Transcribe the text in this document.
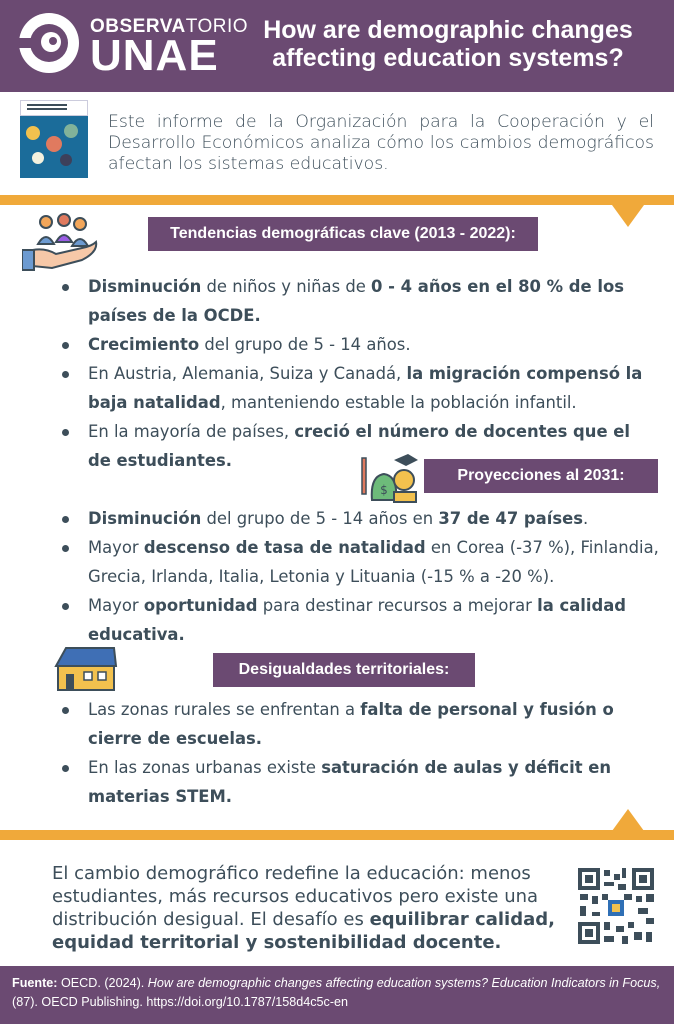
OBSERVATORIO
UNAE
How are demographic changes
affecting education systems?
Este informe de la Organización para la Cooperación y el Desarrollo Económicos analiza cómo los cambios demográficos afectan los sistemas educativos.
Tendencias demográficas clave (2013 - 2022):
Disminución de niños y niñas de 0 - 4 años en el 80 % de los países de la OCDE.
Crecimiento del grupo de 5 - 14 años.
En Austria, Alemania, Suiza y Canadá, la migración compensó la baja natalidad, manteniendo estable la población infantil.
En la mayoría de países, creció el número de docentes que el de estudiantes.
$
Proyecciones al 2031:
Disminución del grupo de 5 - 14 años en 37 de 47 países.
Mayor descenso de tasa de natalidad en Corea (-37 %), Finlandia, Grecia, Irlanda, Italia, Letonia y Lituania (-15 % a -20 %).
Mayor oportunidad para destinar recursos a mejorar la calidad educativa.
Desigualdades territoriales:
Las zonas rurales se enfrentan a falta de personal y fusión o cierre de escuelas.
En las zonas urbanas existe saturación de aulas y déficit en materias STEM.
El cambio demográfico redefine la educación: menos estudiantes, más recursos educativos pero existe una distribución desigual. El desafío es equilibrar calidad, equidad territorial y sostenibilidad docente.
Fuente: OECD. (2024). How are demographic changes affecting education systems? Education Indicators in Focus, (87). OECD Publishing. https://doi.org/10.1787/158d4c5c-en
